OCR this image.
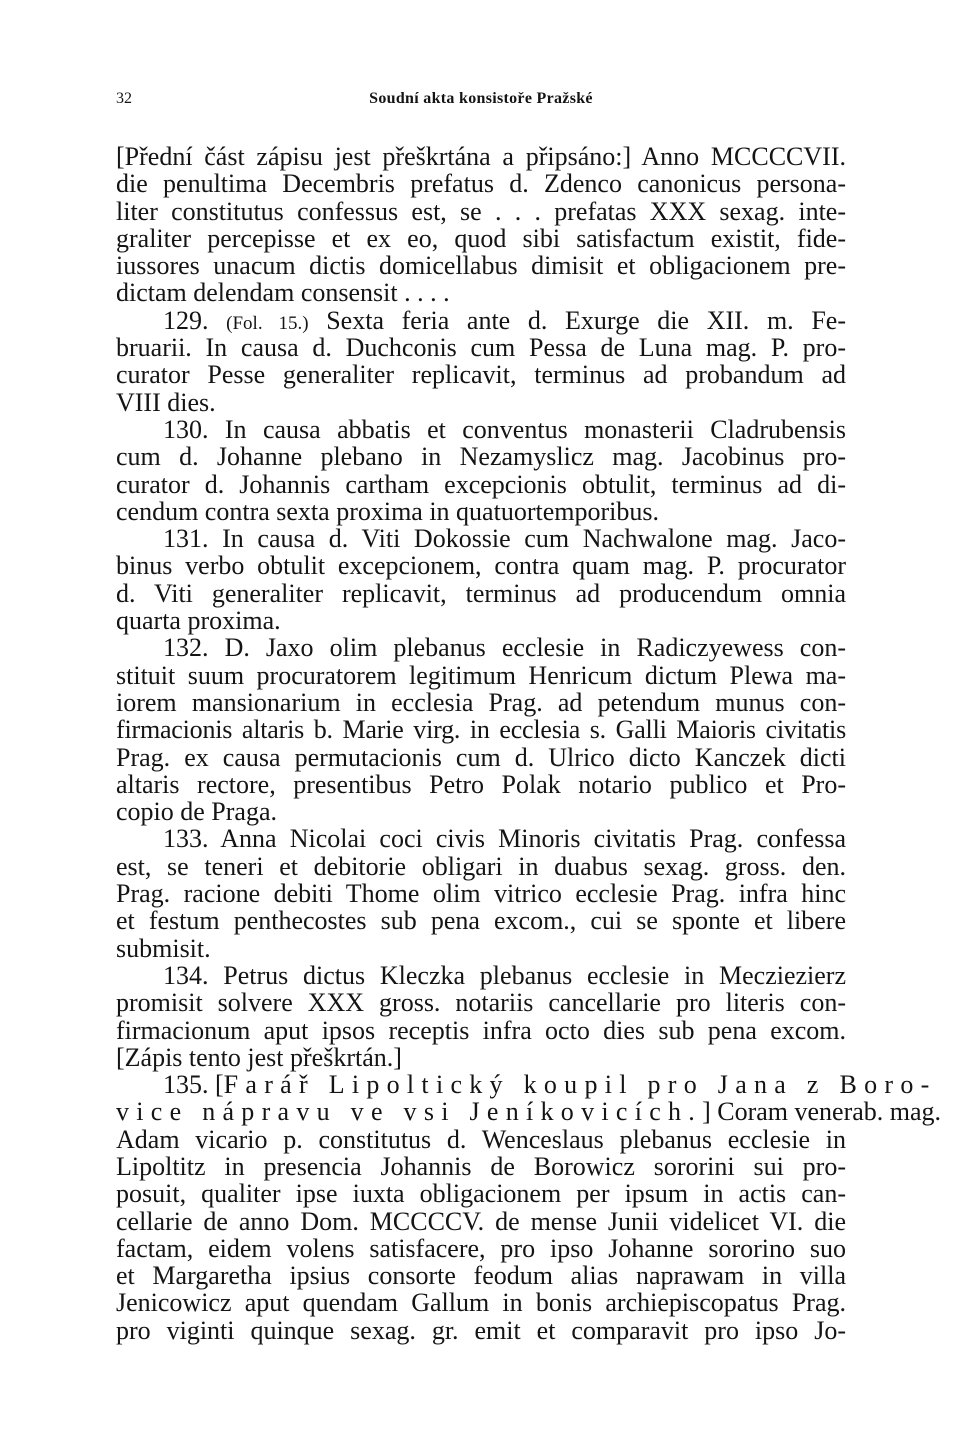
32	Soudní akta konsistoře Pražské
[Přední část zápisu jest přeškrtána a připsáno:] Anno MCCCCVII.
die penultima Decembris prefatus d. Zdenco canonicus persona-
liter constitutus confessus est, se . . . prefatas XXX sexag. inte-
graliter percepisse et ex eo, quod sibi satisfactum existit, fide-
iussores unacum dictis domicellabus dimisit et obligacionem pre-
dictam delendam consensit . . . .
129. (Fol. 15.) Sexta feria ante d. Exurge die XII. m. Fe-
bruarii. In causa d. Duchconis cum Pessa de Luna mag. P. pro-
curator Pesse generaliter replicavit, terminus ad probandum ad
VIII dies.
130. In causa abbatis et conventus monasterii Cladrubensis
cum d. Johanne plebano in Nezamyslicz mag. Jacobinus pro-
curator d. Johannis cartham excepcionis obtulit, terminus ad di-
cendum contra sexta proxima in quatuortemporibus.
131. In causa d. Viti Dokossie cum Nachwalone mag. Jaco-
binus verbo obtulit excepcionem, contra quam mag. P. procurator
d. Viti generaliter replicavit, terminus ad producendum omnia
quarta proxima.
132. D. Jaxo olim plebanus ecclesie in Radiczyewess con-
stituit suum procuratorem legitimum Henricum dictum Plewa ma-
iorem mansionarium in ecclesia Prag. ad petendum munus con-
firmacionis altaris b. Marie virg. in ecclesia s. Galli Maioris civitatis
Prag. ex causa permutacionis cum d. Ulrico dicto Kanczek dicti
altaris rectore, presentibus Petro Polak notario publico et Pro-
copio de Praga.
133. Anna Nicolai coci civis Minoris civitatis Prag. confessa
est, se teneri et debitorie obligari in duabus sexag. gross. den.
Prag. racione debiti Thome olim vitrico ecclesie Prag. infra hinc
et festum penthecostes sub pena excom., cui se sponte et libere
submisit.
134. Petrus dictus Kleczka plebanus ecclesie in Mecziezierz
promisit solvere XXX gross. notariis cancellarie pro literis con-
firmacionum aput ipsos receptis infra octo dies sub pena excom.
[Zápis tento jest přeškrtán.]
135. [Farář Lipoltický koupil pro Jana z Boro-
vice nápravu ve vsi Jeníkovicích.] Coram venerab. mag.
Adam vicario p. constitutus d. Wenceslaus plebanus ecclesie in
Lipoltitz in presencia Johannis de Borowicz sororini sui pro-
posuit, qualiter ipse iuxta obligacionem per ipsum in actis can-
cellarie de anno Dom. MCCCCV. de mense Junii videlicet VI. die
factam, eidem volens satisfacere, pro ipso Johanne sororino suo
et Margaretha ipsius consorte feodum alias naprawam in villa
Jenicowicz aput quendam Gallum in bonis archiepiscopatus Prag.
pro viginti quinque sexag. gr. emit et comparavit pro ipso Jo-
